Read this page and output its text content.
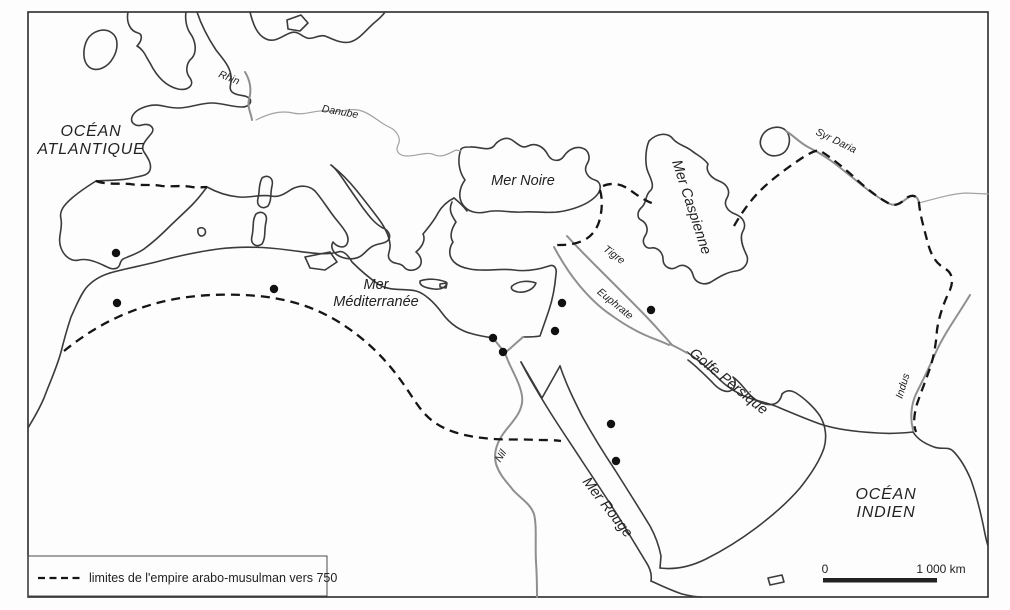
OCÉAN
ATLANTIQUE
OCÉAN
INDIEN
Mer Noire
Mer
Méditerranée
Mer Caspienne
Mer Rouge
Golfe Persique
Rhin
Danube
Tigre
Euphrate
Nil
Syr Daria
Indus
limites de l'empire arabo-musulman vers 750
0	1 000 km
